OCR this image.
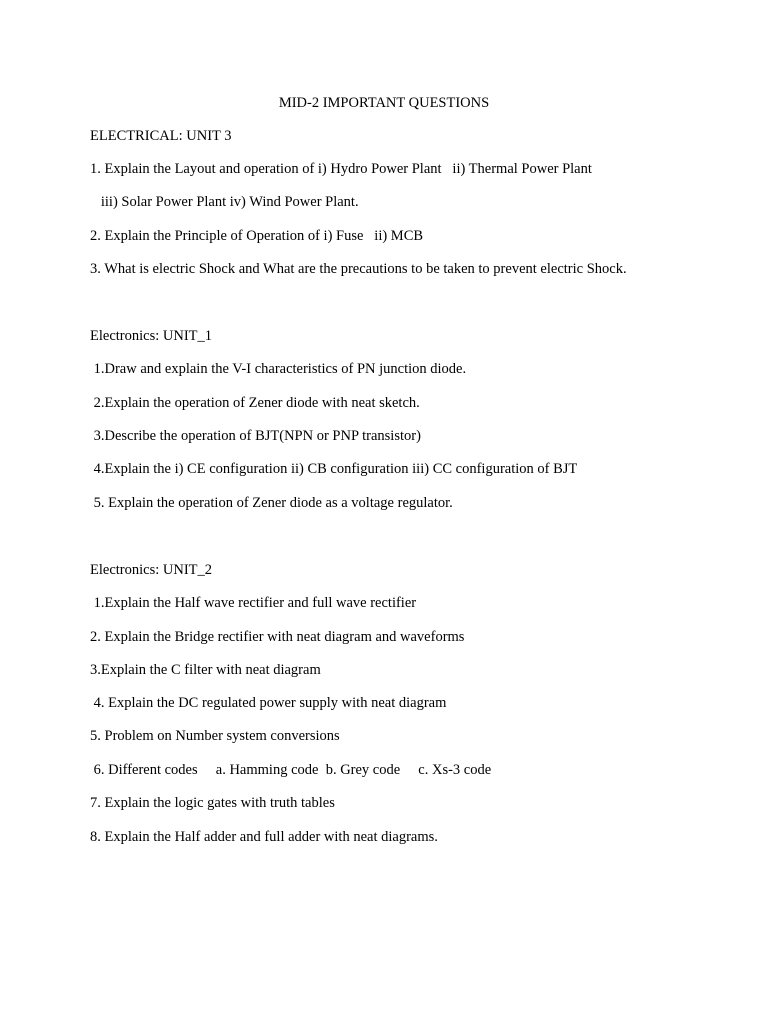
MID-2 IMPORTANT QUESTIONS
ELECTRICAL: UNIT 3
1. Explain the Layout and operation of i) Hydro Power Plant   ii) Thermal Power Plant
iii) Solar Power Plant iv) Wind Power Plant.
2. Explain the Principle of Operation of i) Fuse   ii) MCB
3. What is electric Shock and What are the precautions to be taken to prevent electric Shock.
Electronics: UNIT_1
1.Draw and explain the V-I characteristics of PN junction diode.
2.Explain the operation of Zener diode with neat sketch.
3.Describe the operation of BJT(NPN or PNP transistor)
4.Explain the i) CE configuration ii) CB configuration iii) CC configuration of BJT
5. Explain the operation of Zener diode as a voltage regulator.
Electronics: UNIT_2
1.Explain the Half wave rectifier and full wave rectifier
2. Explain the Bridge rectifier with neat diagram and waveforms
3.Explain the C filter with neat diagram
4. Explain the DC regulated power supply with neat diagram
5. Problem on Number system conversions
6. Different codes     a. Hamming code  b. Grey code     c. Xs-3 code
7. Explain the logic gates with truth tables
8. Explain the Half adder and full adder with neat diagrams.
